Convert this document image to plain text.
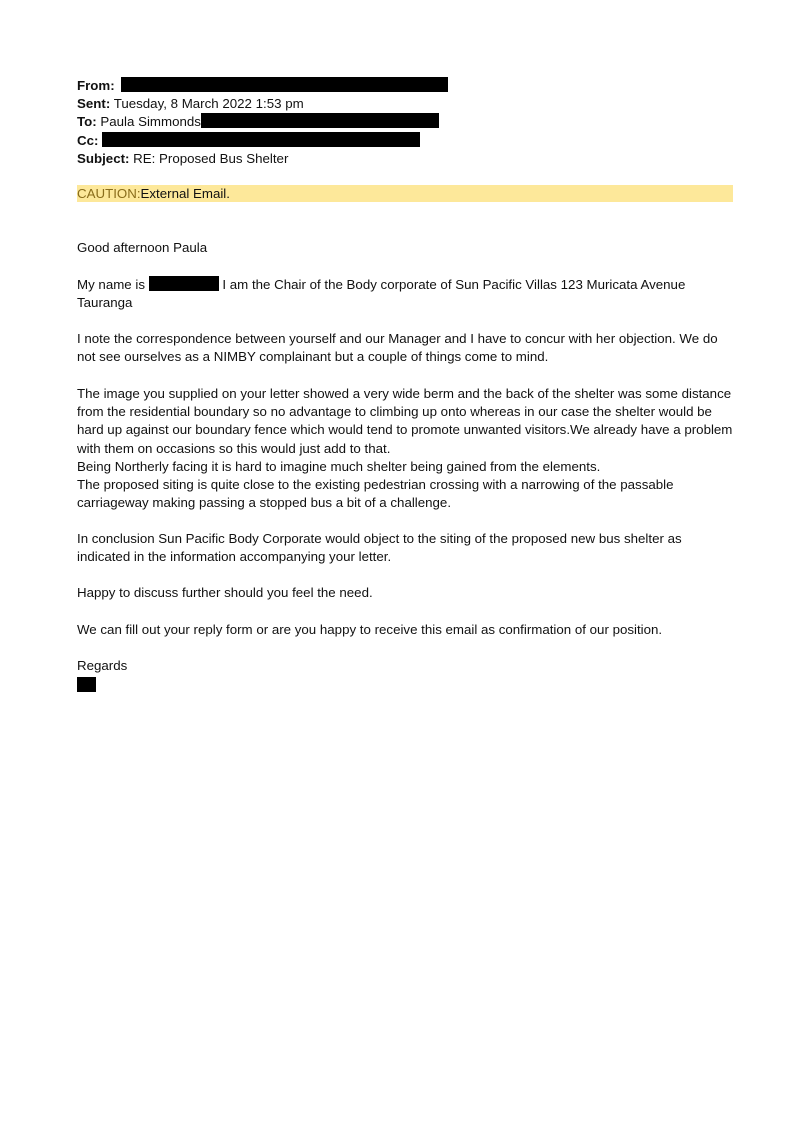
From:
Sent: Tuesday, 8 March 2022 1:53 pm
To: Paula Simmonds
Cc:
Subject: RE: Proposed Bus Shelter
CAUTION:External Email.

Good afternoon Paula

My name is	I am the Chair of the Body corporate of Sun Pacific Villas 123 Muricata Avenue Tauranga

I note the correspondence between yourself and our Manager and I have to concur with her objection. We do not see ourselves as a NIMBY complainant but a couple of things come to mind.

The image you supplied on your letter showed a very wide berm and the back of the shelter was some distance from the residential boundary so no advantage to climbing up onto whereas in our case the shelter would be hard up against our boundary fence which would tend to promote unwanted visitors.We already have a problem with them on occasions so this would just add to that.

Being Northerly facing it is hard to imagine much shelter being gained from the elements.

The proposed siting is quite close to the existing pedestrian crossing with a narrowing of the passable carriageway making passing a stopped bus a bit of a challenge.

In conclusion Sun Pacific Body Corporate would object to the siting of the proposed new bus shelter as indicated in the information accompanying your letter.

Happy to discuss further should you feel the need.

We can fill out your reply form or are you happy to receive this email as confirmation of our position.

Regards
